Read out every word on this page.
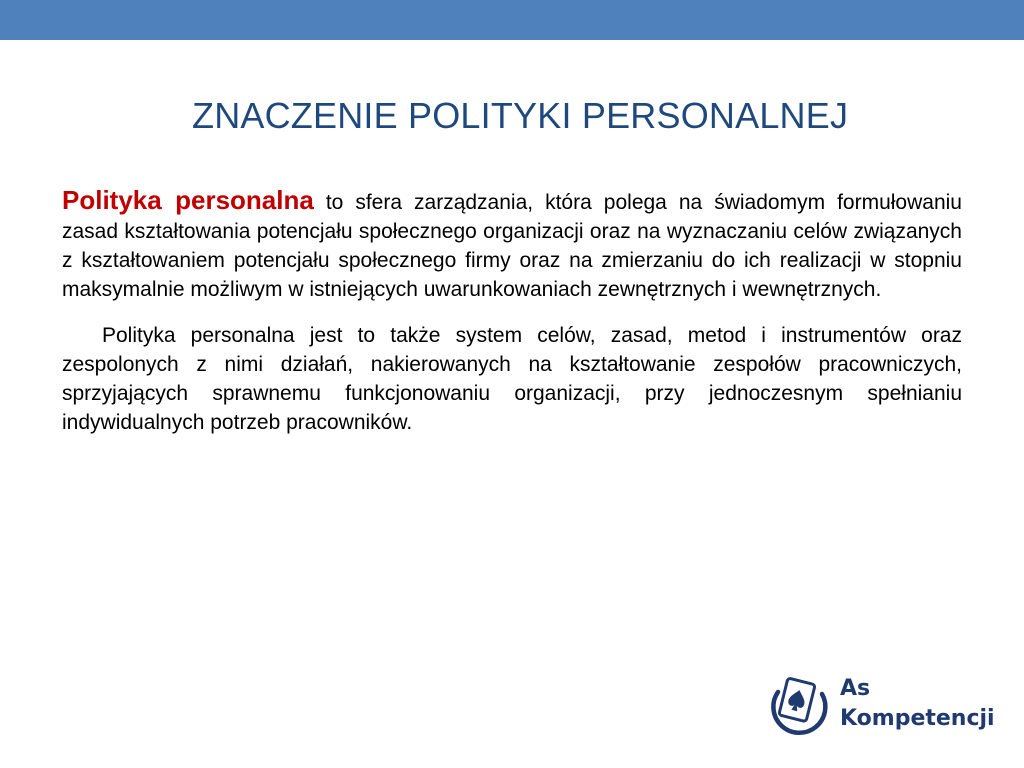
ZNACZENIE POLITYKI PERSONALNEJ

Polityka personalna to sfera zarządzania, która polega na świadomym formułowaniu zasad kształtowania potencjału społecznego organizacji oraz na wyznaczaniu celów związanych z kształtowaniem potencjału społecznego firmy oraz na zmierzaniu do ich realizacji w stopniu maksymalnie możliwym w istniejących uwarunkowaniach zewnętrznych i wewnętrznych.

Polityka personalna jest to także system celów, zasad, metod i instrumentów oraz zespolonych z nimi działań, nakierowanych na kształtowanie zespołów pracowniczych, sprzyjających sprawnemu funkcjonowaniu organizacji, przy jednoczesnym spełnianiu indywidualnych potrzeb pracowników.

As
Kompetencji
